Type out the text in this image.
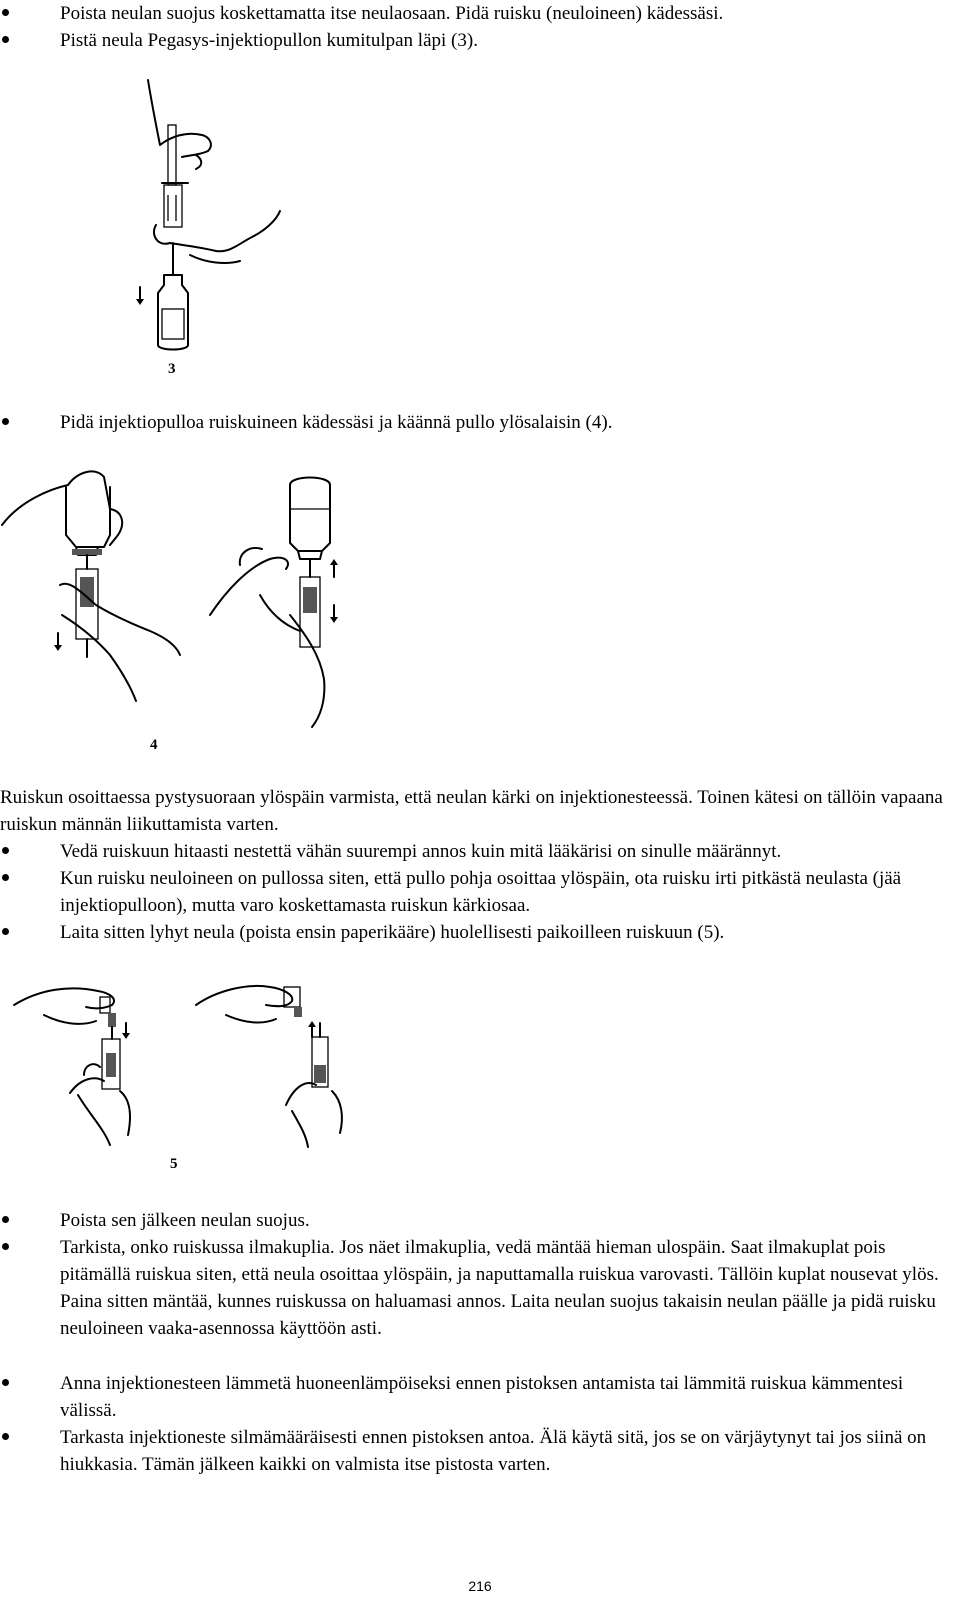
Poista neulan suojus koskettamatta itse neulaosaan. Pidä ruisku (neuloineen) kädessäsi.
Pistä neula Pegasys-injektiopullon kumitulpan läpi (3).
3
Pidä injektiopulloa ruiskuineen kädessäsi ja käännä pullo ylösalaisin (4).
4
Ruiskun osoittaessa pystysuoraan ylöspäin varmista, että neulan kärki on injektionesteessä. Toinen kätesi on tällöin vapaana ruiskun männän liikuttamista varten.
Vedä ruiskuun hitaasti nestettä vähän suurempi annos kuin mitä lääkärisi on sinulle määrännyt.
Kun ruisku neuloineen on pullossa siten, että pullo pohja osoittaa ylöspäin, ota ruisku irti pitkästä neulasta (jää injektiopulloon), mutta varo koskettamasta ruiskun kärkiosaa.
Laita sitten lyhyt neula (poista ensin paperikääre) huolellisesti paikoilleen ruiskuun (5).
5
Poista sen jälkeen neulan suojus.
Tarkista, onko ruiskussa ilmakuplia. Jos näet ilmakuplia, vedä mäntää hieman ulospäin. Saat ilmakuplat pois pitämällä ruiskua siten, että neula osoittaa ylöspäin, ja naputtamalla ruiskua varovasti. Tällöin kuplat nousevat ylös. Paina sitten mäntää, kunnes ruiskussa on haluamasi annos. Laita neulan suojus takaisin neulan päälle ja pidä ruisku neuloineen vaaka-asennossa käyttöön asti.
Anna injektionesteen lämmetä huoneenlämpöiseksi ennen pistoksen antamista tai lämmitä ruiskua kämmentesi välissä.
Tarkasta injektioneste silmämääräisesti ennen pistoksen antoa. Älä käytä sitä, jos se on värjäytynyt tai jos siinä on hiukkasia. Tämän jälkeen kaikki on valmista itse pistosta varten.
216
